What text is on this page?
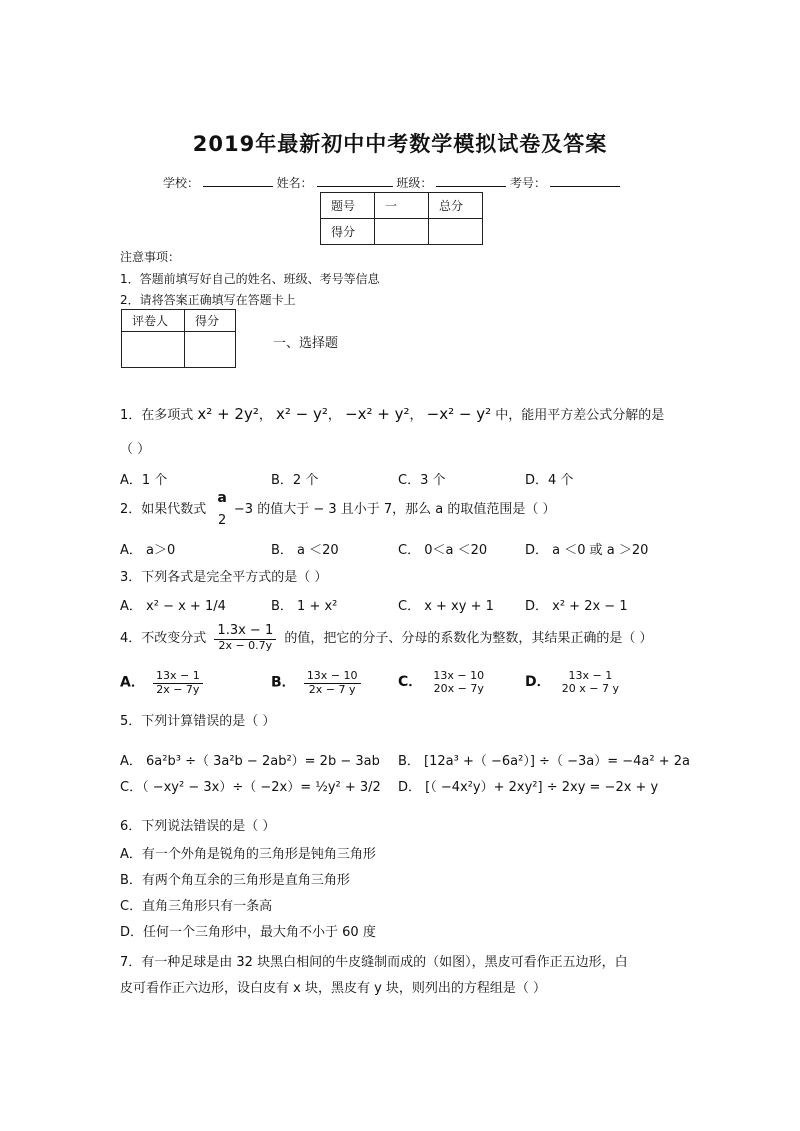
2019年最新初中中考数学模拟试卷及答案
学校：	姓名：	班级：	考号：
题号	一	总分
得分		
注意事项：
1．答题前填写好自己的姓名、班级、考号等信息
2．请将答案正确填写在答题卡上
评卷人	得分

一、选择题
1．在多项式 x² + 2y²， x² − y²， −x² + y²， −x² − y² 中，能用平方差公式分解的是
（ ）
A．1 个	B．2 个	C．3 个	D．4 个
2．如果代数式
a
2
−3 的值大于 − 3 且小于 7，那么 a 的取值范围是（ ）
A． a＞0	B． a ＜20	C． 0＜a ＜20	D． a ＜0 或 a ＞20
3．下列各式是完全平方式的是（ ）
A． x² − x + 1/4	B． 1 + x²	C． x + xy + 1 D． x² + 2x − 1
4．不改变分式 $\frac{1.3x - 1}{2x - 0.7y}$ 的值，把它的分子、分母的系数化为整数，其结果正确的是（ ）
A． $\frac{13x - 1}{2x - 7y}$	B． $\frac{13x - 10}{2x - 7 y}$	C． 13x − 10
20x − 7y	D．	13x − 1
20 x − 7 y
5．下列计算错误的是（ ）
A． 6a²b³ ÷（ 3a²b − 2ab²）= 2b − 3ab B． [12a³ +（ −6a²）] ÷（ −3a）= −4a² + 2a
C．（ −xy² − 3x）÷（ −2x）= ½y² + 3/2 D． [（ −4x²y）+ 2xy²] ÷ 2xy = −2x + y
6．下列说法错误的是（ ）
A．有一个外角是锐角的三角形是钝角三角形
B．有两个角互余的三角形是直角三角形
C．直角三角形只有一条高
D．任何一个三角形中，最大角不小于 60 度
7．有一种足球是由 32 块黑白相间的牛皮缝制而成的（如图），黑皮可看作正五边形，白
皮可看作正六边形，设白皮有 x 块，黑皮有 y 块，则列出的方程组是（ ）
